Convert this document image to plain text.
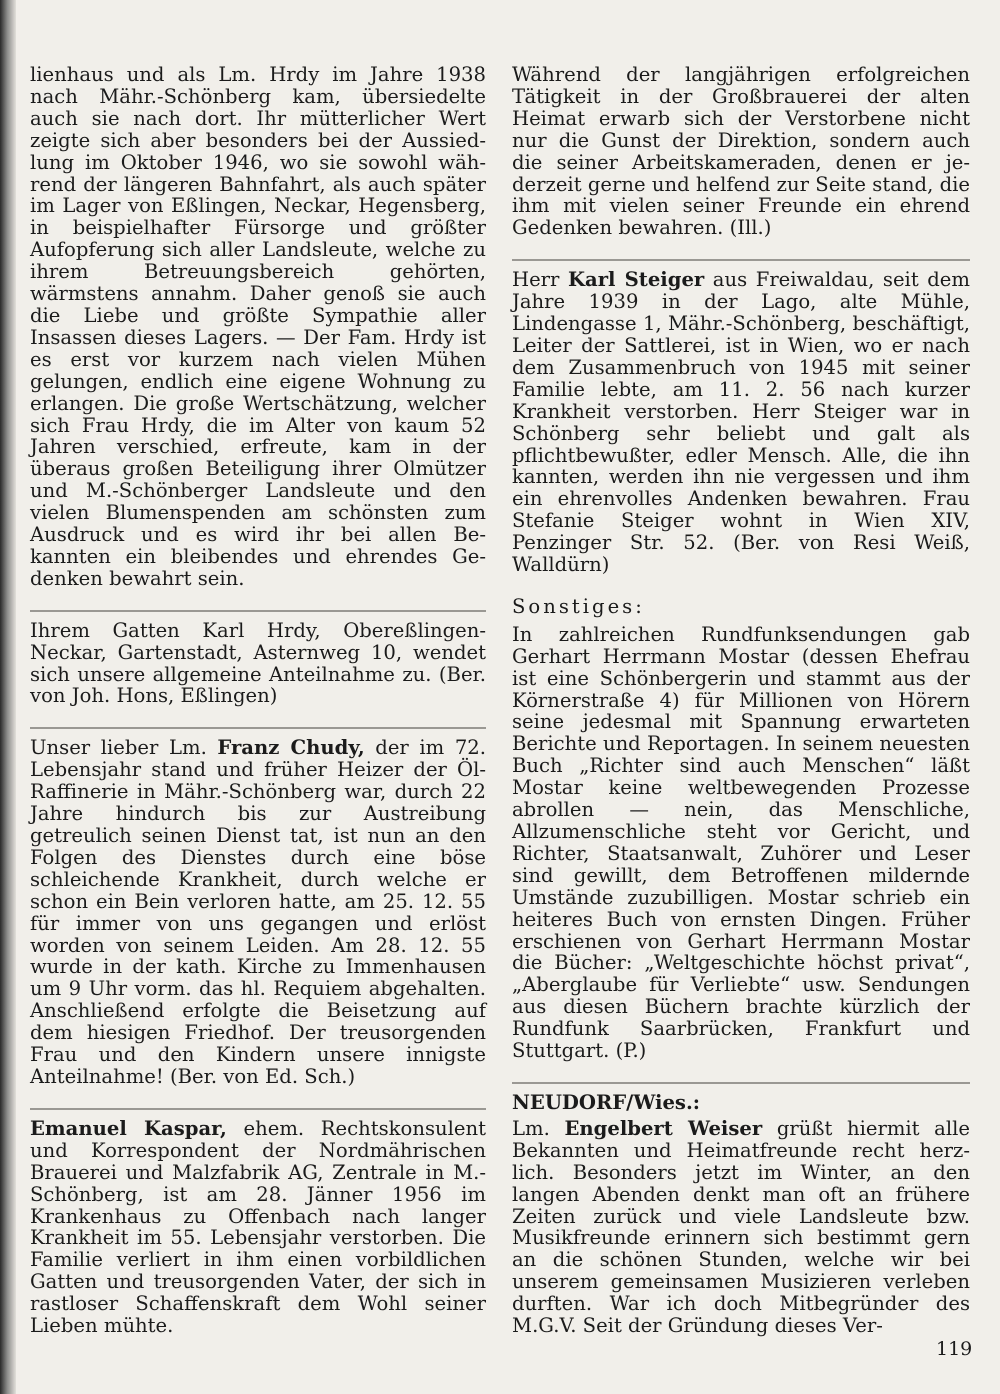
lienhaus und als Lm. Hrdy im Jahre 1938 nach Mähr.-Schönberg kam, übersiedelte auch sie nach dort. Ihr mütterlicher Wert zeigte sich aber besonders bei der Aussiedlung im Oktober 1946, wo sie sowohl während der längeren Bahnfahrt, als auch später im Lager von Eßlingen, Neckar, Hegensberg, in beispielhafter Fürsorge und größter Aufopferung sich aller Landsleute, welche zu ihrem Betreuungsbereich gehörten, wärmstens annahm. Daher genoß sie auch die Liebe und größte Sympathie aller Insassen dieses Lagers. — Der Fam. Hrdy ist es erst vor kurzem nach vielen Mühen gelungen, endlich eine eigene Wohnung zu erlangen. Die große Wertschätzung, welcher sich Frau Hrdy, die im Alter von kaum 52 Jahren verschied, erfreute, kam in der überaus großen Beteiligung ihrer Olmützer und M.-Schönberger Landsleute und den vielen Blumenspenden am schönsten zum Ausdruck und es wird ihr bei allen Bekannten ein bleibendes und ehrendes Gedenken bewahrt sein.

Ihrem Gatten Karl Hrdy, Obereßlingen-Neckar, Gartenstadt, Asternweg 10, wendet sich unsere allgemeine Anteilnahme zu. (Ber. von Joh. Hons, Eßlingen)

Unser lieber Lm. Franz Chudy, der im 72. Lebensjahr stand und früher Heizer der Öl-Raffinerie in Mähr.-Schönberg war, durch 22 Jahre hindurch bis zur Austreibung getreulich seinen Dienst tat, ist nun an den Folgen des Dienstes durch eine böse schleichende Krankheit, durch welche er schon ein Bein verloren hatte, am 25. 12. 55 für immer von uns gegangen und erlöst worden von seinem Leiden. Am 28. 12. 55 wurde in der kath. Kirche zu Immenhausen um 9 Uhr vorm. das hl. Requiem abgehalten. Anschließend erfolgte die Beisetzung auf dem hiesigen Friedhof. Der treusorgenden Frau und den Kindern unsere innigste Anteilnahme! (Ber. von Ed. Sch.)

Emanuel Kaspar, ehem. Rechtskonsulent und Korrespondent der Nordmährischen Brauerei und Malzfabrik AG, Zentrale in M.-Schönberg, ist am 28. Jänner 1956 im Krankenhaus zu Offenbach nach langer Krankheit im 55. Lebensjahr verstorben. Die Familie verliert in ihm einen vorbildlichen Gatten und treusorgenden Vater, der sich in rastloser Schaffenskraft dem Wohl seiner Lieben mühte.

Während der langjährigen erfolgreichen Tätigkeit in der Großbrauerei der alten Heimat erwarb sich der Verstorbene nicht nur die Gunst der Direktion, sondern auch die seiner Arbeitskameraden, denen er jederzeit gerne und helfend zur Seite stand, die ihm mit vielen seiner Freunde ein ehrend Gedenken bewahren. (Ill.)

Herr Karl Steiger aus Freiwaldau, seit dem Jahre 1939 in der Lago, alte Mühle, Lindengasse 1, Mähr.-Schönberg, beschäftigt, Leiter der Sattlerei, ist in Wien, wo er nach dem Zusammenbruch von 1945 mit seiner Familie lebte, am 11. 2. 56 nach kurzer Krankheit verstorben. Herr Steiger war in Schönberg sehr beliebt und galt als pflichtbewußter, edler Mensch. Alle, die ihn kannten, werden ihn nie vergessen und ihm ein ehrenvolles Andenken bewahren. Frau Stefanie Steiger wohnt in Wien XIV, Penzinger Str. 52. (Ber. von Resi Weiß, Walldürn)

Sonstiges:

In zahlreichen Rundfunksendungen gab Gerhart Herrmann Mostar (dessen Ehefrau ist eine Schönbergerin und stammt aus der Körnerstraße 4) für Millionen von Hörern seine jedesmal mit Spannung erwarteten Berichte und Reportagen. In seinem neuesten Buch „Richter sind auch Menschen“ läßt Mostar keine weltbewegenden Prozesse abrollen — nein, das Menschliche, Allzumenschliche steht vor Gericht, und Richter, Staatsanwalt, Zuhörer und Leser sind gewillt, dem Betroffenen mildernde Umstände zuzubilligen. Mostar schrieb ein heiteres Buch von ernsten Dingen. Früher erschienen von Gerhart Herrmann Mostar die Bücher: „Weltgeschichte höchst privat“, „Aberglaube für Verliebte“ usw. Sendungen aus diesen Büchern brachte kürzlich der Rundfunk Saarbrücken, Frankfurt und Stuttgart. (P.)

NEUDORF/Wies.:

Lm. Engelbert Weiser grüßt hiermit alle Bekannten und Heimatfreunde recht herzlich. Besonders jetzt im Winter, an den langen Abenden denkt man oft an frühere Zeiten zurück und viele Landsleute bzw. Musikfreunde erinnern sich bestimmt gern an die schönen Stunden, welche wir bei unserem gemeinsamen Musizieren verleben durften. War ich doch Mitbegründer des M.G.V. Seit der Gründung dieses Ver-

119
